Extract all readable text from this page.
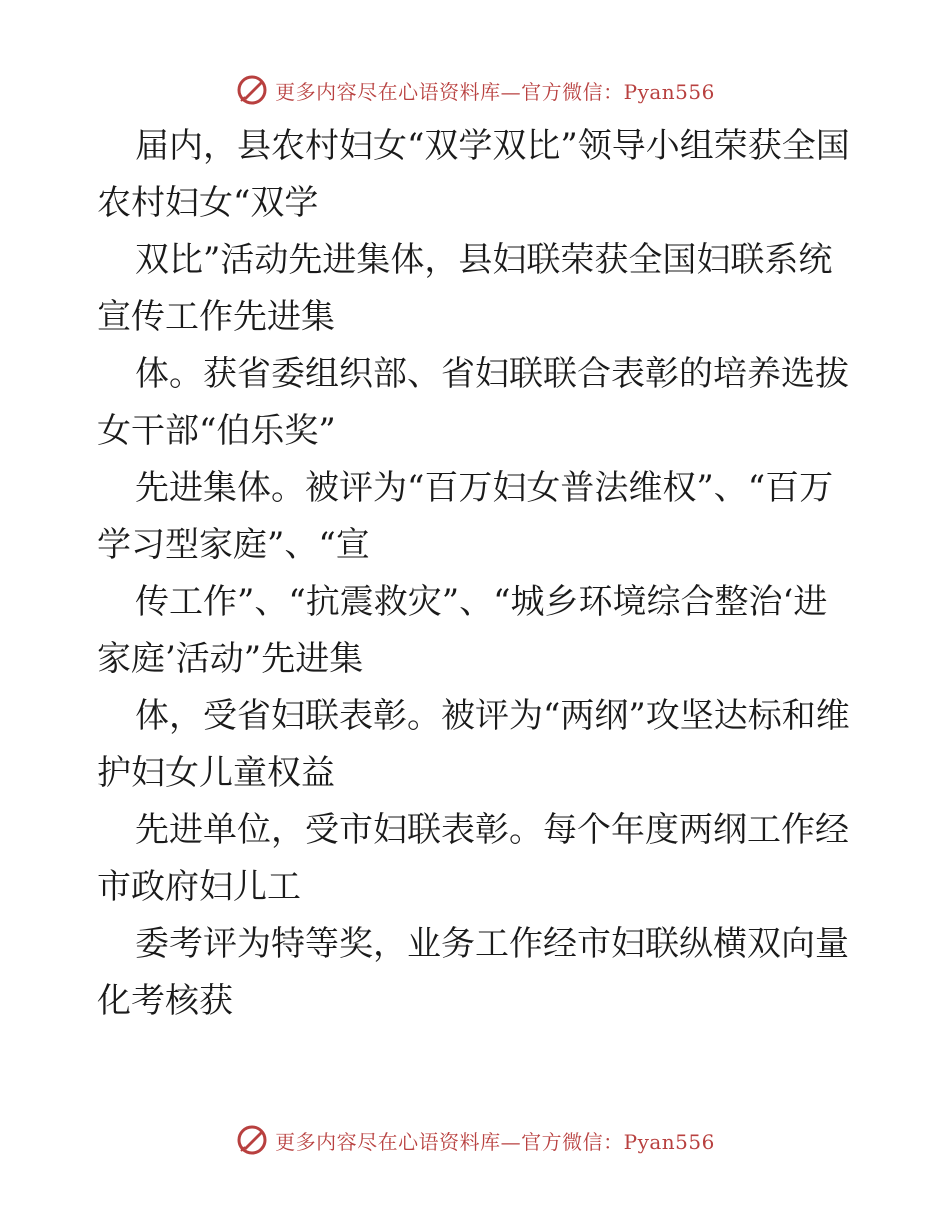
更多内容尽在心语资料库—官方微信：Pyan556

届内，县农村妇女“双学双比”领导小组荣获全国农村妇女“双学

双比”活动先进集体，县妇联荣获全国妇联系统宣传工作先进集

体。获省委组织部、省妇联联合表彰的培养选拔女干部“伯乐奖”

先进集体。被评为“百万妇女普法维权”、“百万学习型家庭”、“宣

传工作”、“抗震救灾”、“城乡环境综合整治‘进家庭’活动”先进集

体，受省妇联表彰。被评为“两纲”攻坚达标和维护妇女儿童权益

先进单位，受市妇联表彰。每个年度两纲工作经市政府妇儿工

委考评为特等奖，业务工作经市妇联纵横双向量化考核获

更多内容尽在心语资料库—官方微信：Pyan556
